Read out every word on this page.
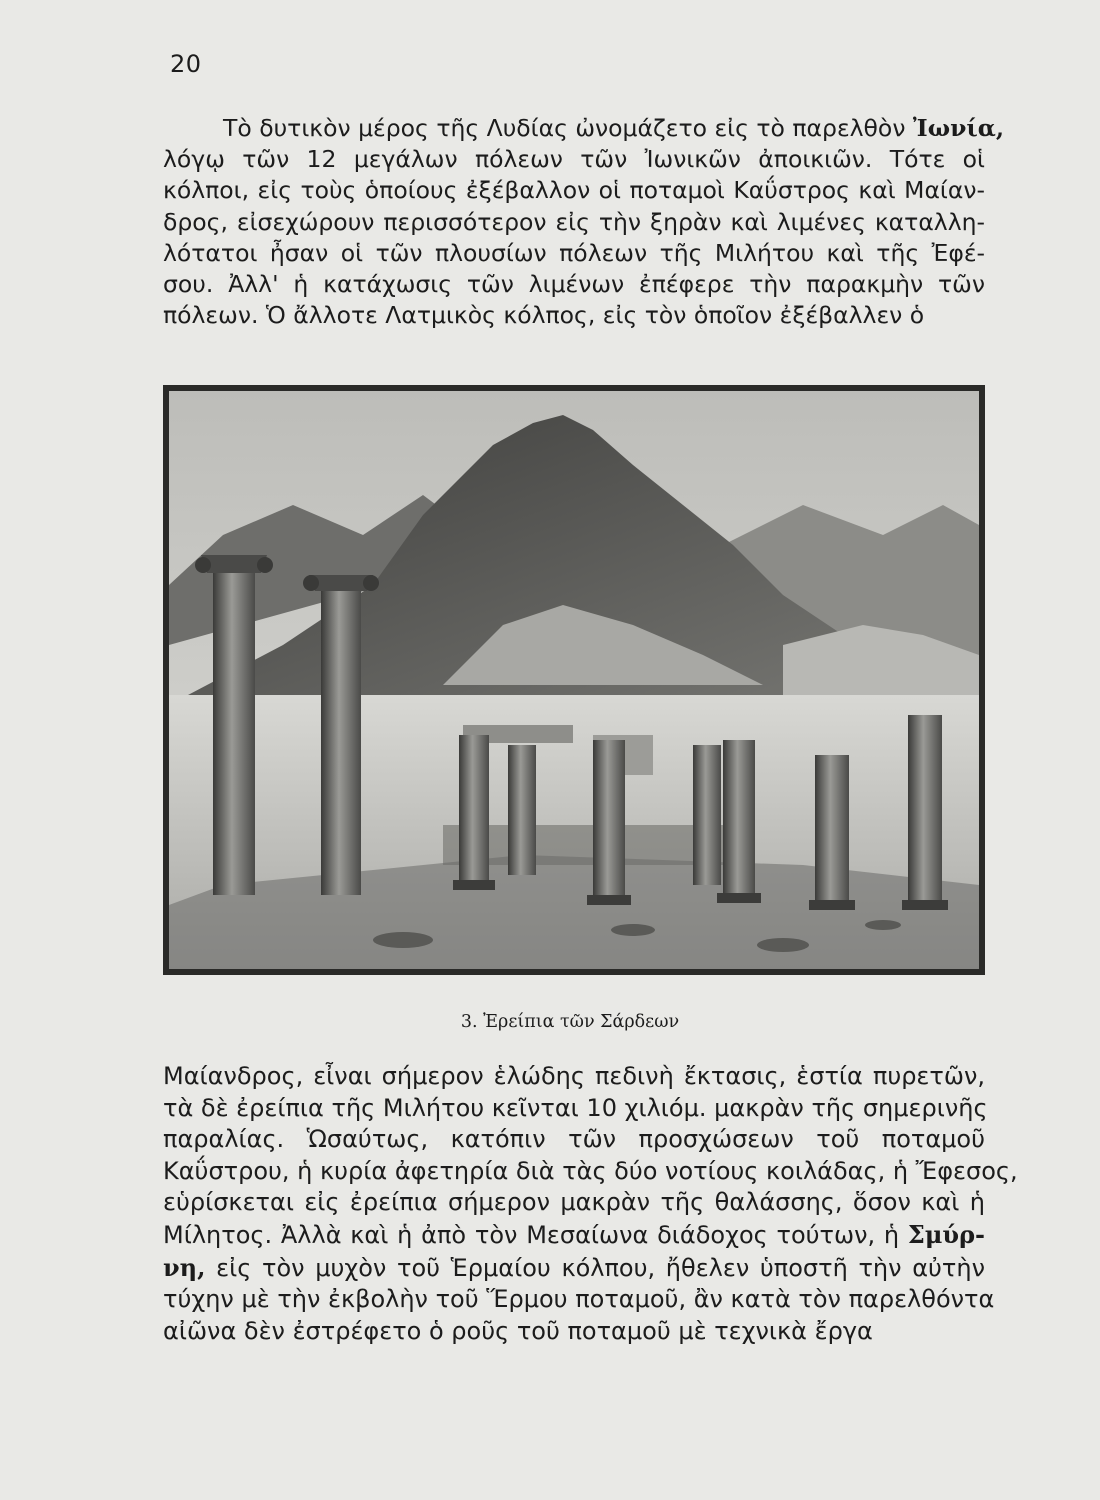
20
Τὸ δυτικὸν μέρος τῆς Λυδίας ὠνομάζετο εἰς τὸ παρελθὸν Ἰωνία,
λόγῳ τῶν 12 μεγάλων πόλεων τῶν Ἰωνικῶν ἀποικιῶν. Τότε οἱ
κόλποι, εἰς τοὺς ὁποίους ἐξέβαλλον οἱ ποταμοὶ Καΰστρος καὶ Μαίαν-
δρος, εἰσεχώρουν περισσότερον εἰς τὴν ξηρὰν καὶ λιμένες καταλλη-
λότατοι ἦσαν οἱ τῶν πλουσίων πόλεων τῆς Μιλήτου καὶ τῆς Ἐφέ-
σου. Ἀλλ' ἡ κατάχωσις τῶν λιμένων ἐπέφερε τὴν παρακμὴν τῶν
πόλεων. Ὁ ἄλλοτε Λατμικὸς κόλπος, εἰς τὸν ὁποῖον ἐξέβαλλεν ὁ
3. Ἐρείπια τῶν Σάρδεων
Μαίανδρος, εἶναι σήμερον ἑλώδης πεδινὴ ἔκτασις, ἑστία πυρετῶν,
τὰ δὲ ἐρείπια τῆς Μιλήτου κεῖνται 10 χιλιόμ. μακρὰν τῆς σημερινῆς
παραλίας. Ὡσαύτως, κατόπιν τῶν προσχώσεων τοῦ ποταμοῦ
Καΰστρου, ἡ κυρία ἀφετηρία διὰ τὰς δύο νοτίους κοιλάδας, ἡ Ἔφεσος,
εὑρίσκεται εἰς ἐρείπια σήμερον μακρὰν τῆς θαλάσσης, ὅσον καὶ ἡ
Μίλητος. Ἀλλὰ καὶ ἡ ἀπὸ τὸν Μεσαίωνα διάδοχος τούτων, ἡ Σμύρ-
νη, εἰς τὸν μυχὸν τοῦ Ἑρμαίου κόλπου, ἤθελεν ὑποστῆ τὴν αὐτὴν
τύχην μὲ τὴν ἐκβολὴν τοῦ Ἕρμου ποταμοῦ, ἂν κατὰ τὸν παρελθόντα
αἰῶνα δὲν ἐστρέφετο ὁ ροῦς τοῦ ποταμοῦ μὲ τεχνικὰ ἔργα
